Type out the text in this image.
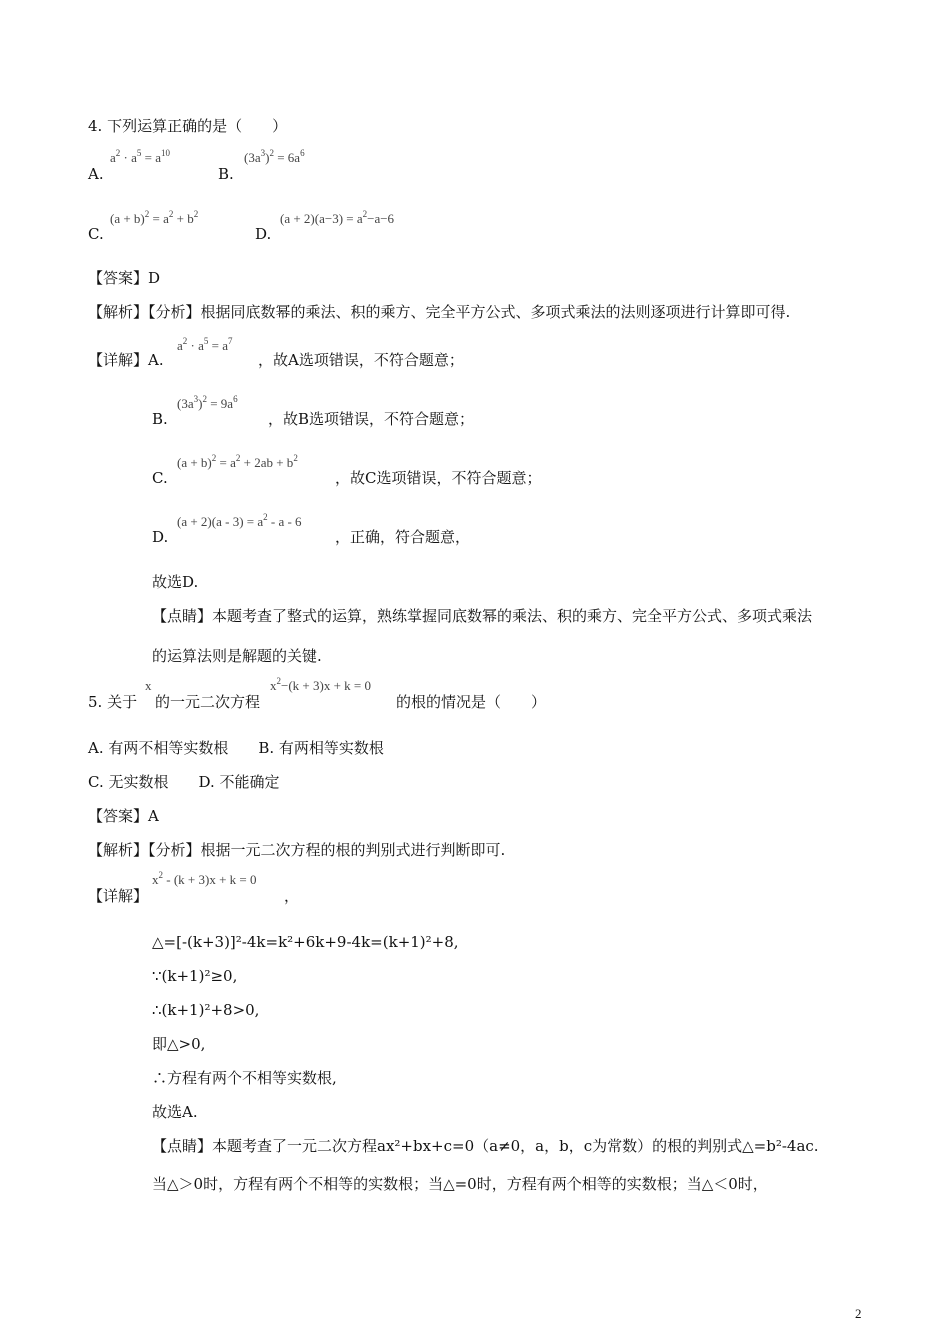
4. 下列运算正确的是（　　）
A.
$a^2 \cdot a^5 = a^{10}$
B.
$(3a^3)^2 = 6a^6$
C.
$(a + b)^2 = a^2 + b^2$
D.
$(a + 2)(a-3) = a^2-a-6$
【答案】D
【解析】【分析】根据同底数幂的乘法、积的乘方、完全平方公式、多项式乘法的法则逐项进行计算即可得.
【详解】A.
$a^2 \cdot a^5 = a^7$
，故A选项错误，不符合题意；
B.
$(3a^3)^2 = 9a^6$
，故B选项错误，不符合题意；
C.
$(a + b)^2 = a^2 + 2ab + b^2$
，故C选项错误，不符合题意；
D.
$(a + 2)(a - 3) = a^2 - a - 6$
，正确，符合题意，
故选D.
【点睛】本题考查了整式的运算，熟练掌握同底数幂的乘法、积的乘方、完全平方公式、多项式乘法
的运算法则是解题的关键.
5. 关于
x
的一元二次方程
$x^2-(k + 3)x + k = 0$
的根的情况是（　　）
A. 有两不相等实数根　　B. 有两相等实数根
C. 无实数根　　D. 不能确定
【答案】A
【解析】【分析】根据一元二次方程的根的判别式进行判断即可.
【详解】
$x^2 - (k + 3)x + k = 0$
，
△=[-(k+3)]²-4k=k²+6k+9-4k=(k+1)²+8,
∵(k+1)²≥0,
∴(k+1)²+8>0,
即△>0,
∴方程有两个不相等实数根,
故选A.
【点睛】本题考查了一元二次方程ax²+bx+c=0（a≠0，a，b，c为常数）的根的判别式△=b²-4ac.
当△＞0时，方程有两个不相等的实数根；当△=0时，方程有两个相等的实数根；当△＜0时，
2
